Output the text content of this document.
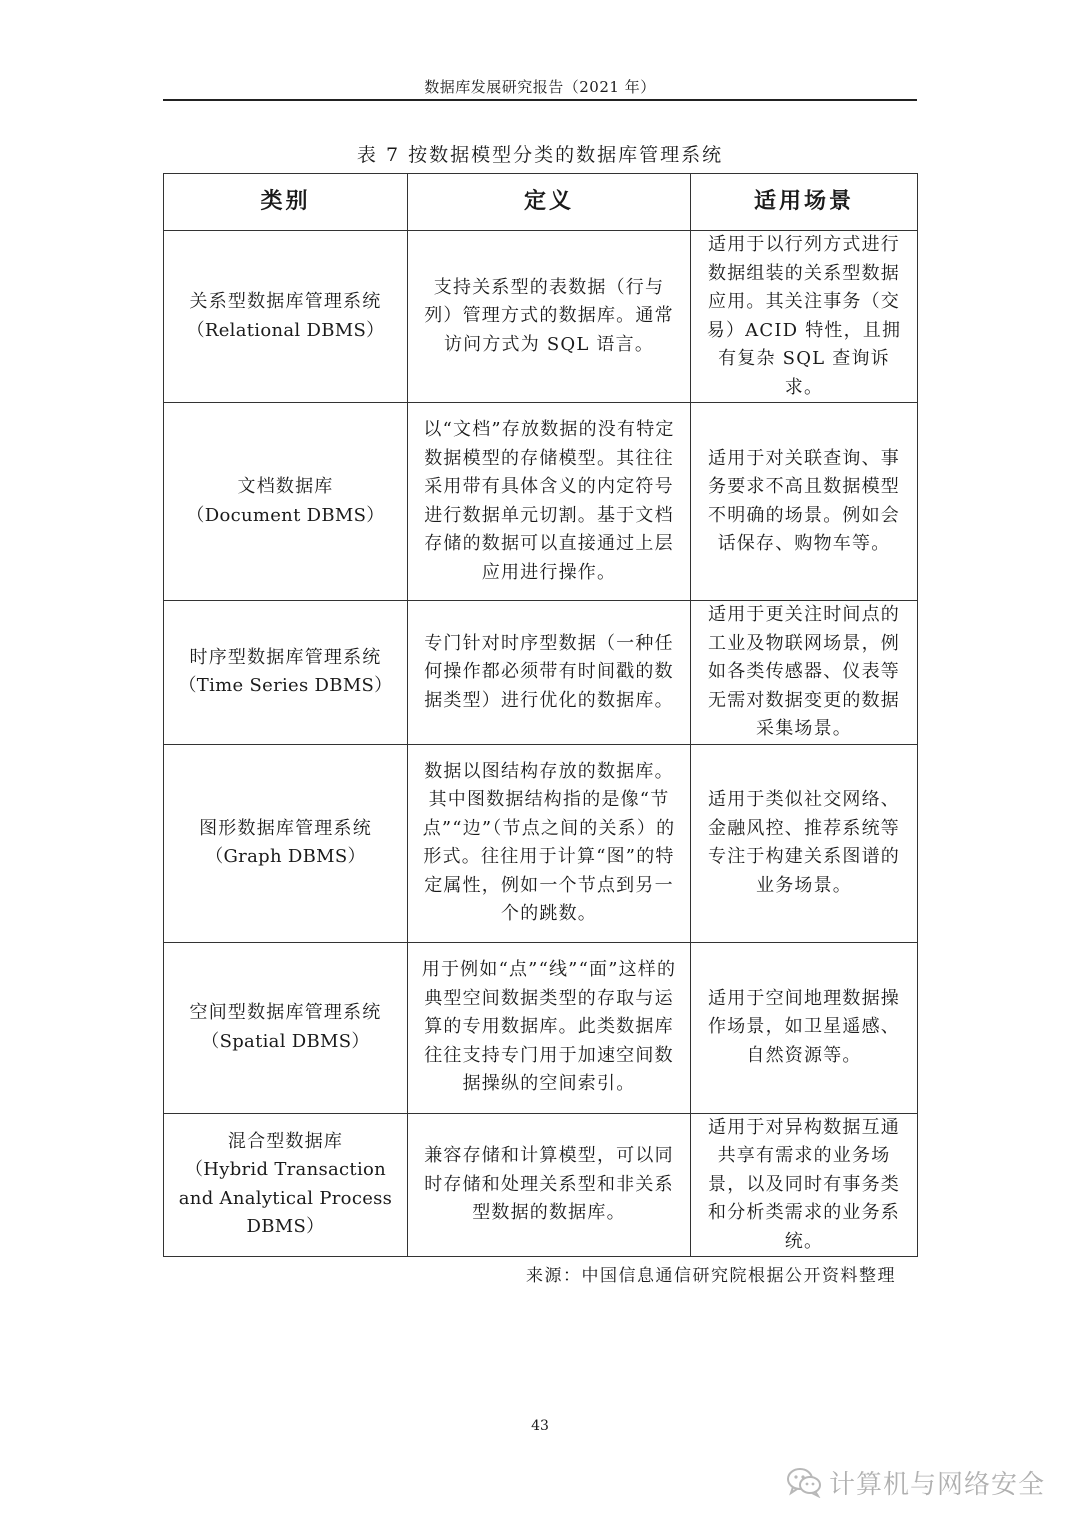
数据库发展研究报告（2021 年）
表 7 按数据模型分类的数据库管理系统
类别	定义	适用场景

关系型数据库管理系统
（Relational DBMS）	支持关系型的表数据（行与列）管理方式的数据库。通常访问方式为 SQL 语言。	适用于以行列方式进行数据组装的关系型数据应用。其关注事务（交易）ACID 特性，且拥有复杂 SQL 查询诉求。

文档数据库
（Document DBMS）	以“文档”存放数据的没有特定数据模型的存储模型。其往往采用带有具体含义的内定符号进行数据单元切割。基于文档存储的数据可以直接通过上层应用进行操作。	适用于对关联查询、事务要求不高且数据模型不明确的场景。例如会话保存、购物车等。

时序型数据库管理系统
（Time Series DBMS）	专门针对时序型数据（一种任何操作都必须带有时间戳的数据类型）进行优化的数据库。	适用于更关注时间点的工业及物联网场景，例如各类传感器、仪表等无需对数据变更的数据采集场景。

图形数据库管理系统
（Graph DBMS）	数据以图结构存放的数据库。其中图数据结构指的是像“节点”“边”（节点之间的关系）的形式。往往用于计算“图”的特定属性，例如一个节点到另一个的跳数。	适用于类似社交网络、金融风控、推荐系统等专注于构建关系图谱的业务场景。

空间型数据库管理系统
（Spatial DBMS）	用于例如“点”“线”“面”这样的典型空间数据类型的存取与运算的专用数据库。此类数据库往往支持专门用于加速空间数据操纵的空间索引。	适用于空间地理数据操作场景，如卫星遥感、自然资源等。

混合型数据库
（Hybrid Transaction and Analytical Process DBMS）	兼容存储和计算模型，可以同时存储和处理关系型和非关系型数据的数据库。	适用于对异构数据互通共享有需求的业务场景，以及同时有事务类和分析类需求的业务系统。
来源：中国信息通信研究院根据公开资料整理
43
计算机与网络安全
